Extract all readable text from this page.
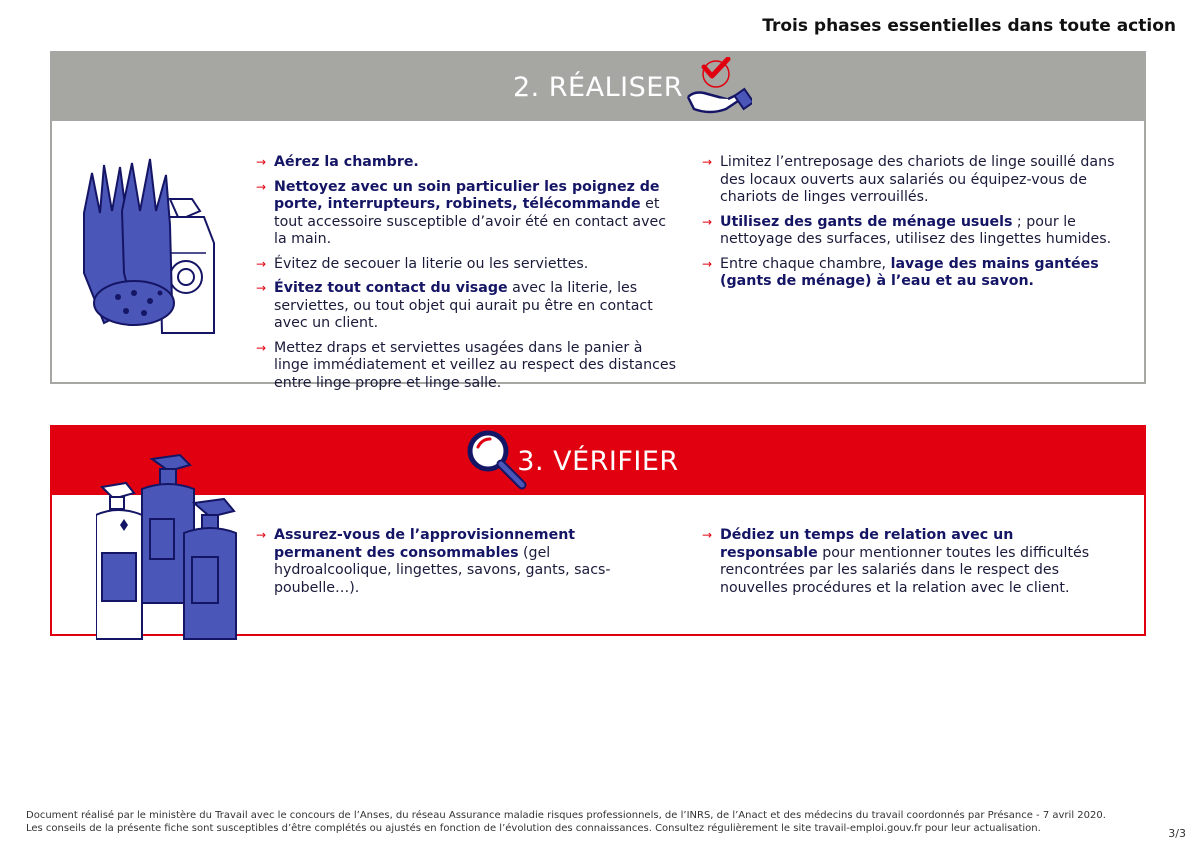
Trois phases essentielles dans toute action
2. RÉALISER
→ Aérez la chambre.
→ Nettoyez avec un soin particulier les poignez de porte, interrupteurs, robinets, télécommande et tout accessoire susceptible d’avoir été en contact avec la main.
→ Évitez de secouer la literie ou les serviettes.
→ Évitez tout contact du visage avec la literie, les serviettes, ou tout objet qui aurait pu être en contact avec un client.
→ Mettez draps et serviettes usagées dans le panier à linge immédiatement et veillez au respect des distances entre linge propre et linge salle.
→ Limitez l’entreposage des chariots de linge souillé dans des locaux ouverts aux salariés ou équipez-vous de chariots de linges verrouillés.
→ Utilisez des gants de ménage usuels ; pour le nettoyage des surfaces, utilisez des lingettes humides.
→ Entre chaque chambre, lavage des mains gantées (gants de ménage) à l’eau et au savon.
3. VÉRIFIER
→ Assurez-vous de l’approvisionnement permanent des consommables (gel hydroalcoolique, lingettes, savons, gants, sacs-poubelle…).
→ Dédiez un temps de relation avec un responsable pour mentionner toutes les difficultés rencontrées par les salariés dans le respect des nouvelles procédures et la relation avec le client.
Document réalisé par le ministère du Travail avec le concours de l’Anses, du réseau Assurance maladie risques professionnels, de l’INRS, de l’Anact et des médecins du travail coordonnés par Présance - 7 avril 2020.
Les conseils de la présente fiche sont susceptibles d’être complétés ou ajustés en fonction de l’évolution des connaissances. Consultez régulièrement le site travail-emploi.gouv.fr pour leur actualisation.	3/3
